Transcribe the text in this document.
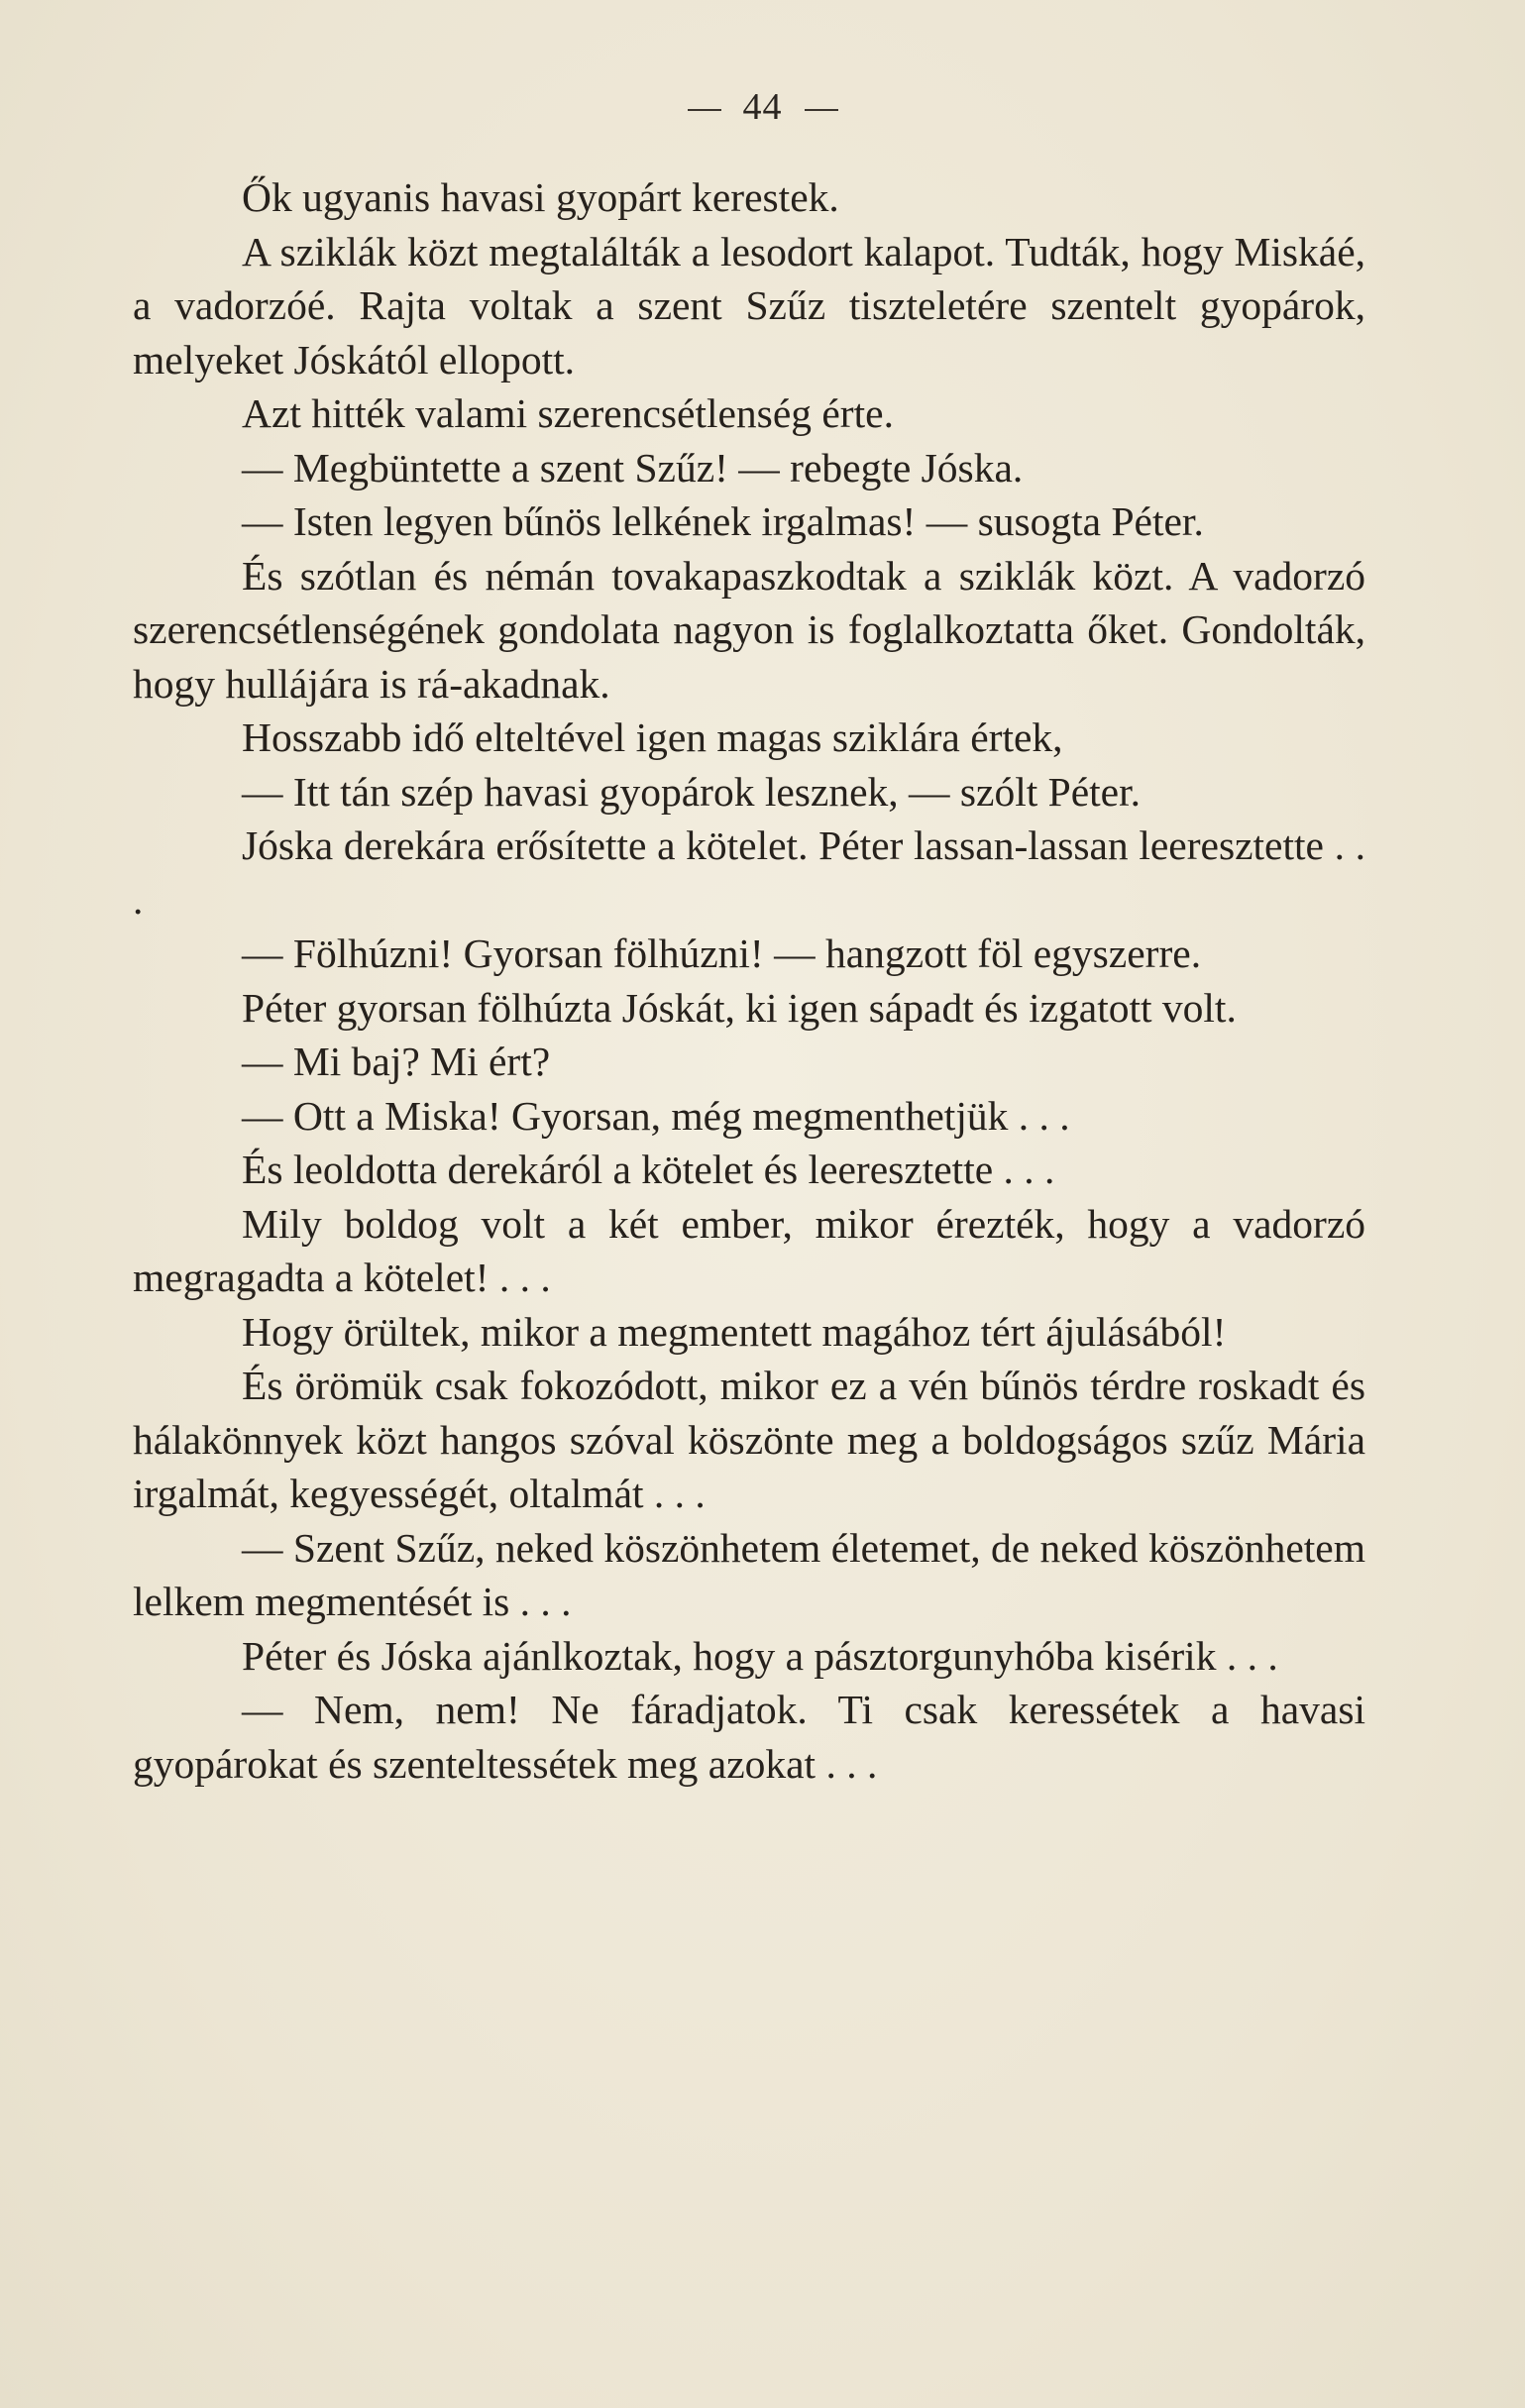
44

Ők ugyanis havasi gyopárt kerestek.

A sziklák közt megtalálták a lesodort kalapot. Tudták, hogy Miskáé, a vadorzóé. Rajta voltak a szent Szűz tiszteletére szentelt gyopárok, melyeket Jóskától ellopott.

Azt hitték valami szerencsétlenség érte.

— Megbüntette a szent Szűz! — rebegte Jóska.

— Isten legyen bűnös lelkének irgalmas! — susogta Péter.

És szótlan és némán tovakapaszkodtak a sziklák közt. A vadorzó szerencsétlenségének gondolata nagyon is foglalkoztatta őket. Gondolták, hogy hullájára is rá-akadnak.

Hosszabb idő elteltével igen magas sziklára értek,

— Itt tán szép havasi gyopárok lesznek, — szólt Péter.

Jóska derekára erősítette a kötelet. Péter lassan-lassan leeresztette . . .

— Fölhúzni! Gyorsan fölhúzni! — hangzott föl egyszerre.

Péter gyorsan fölhúzta Jóskát, ki igen sápadt és izgatott volt.

— Mi baj? Mi ért?

— Ott a Miska! Gyorsan, még megmenthetjük . . .

És leoldotta derekáról a kötelet és leeresztette . . .

Mily boldog volt a két ember, mikor érezték, hogy a vadorzó megragadta a kötelet! . . .

Hogy örültek, mikor a megmentett magához tért ájulásából!

És örömük csak fokozódott, mikor ez a vén bűnös térdre roskadt és hálakönnyek közt hangos szóval köszönte meg a boldogságos szűz Mária irgalmát, kegyességét, oltalmát . . .

— Szent Szűz, neked köszönhetem életemet, de neked köszönhetem lelkem megmentését is . . .

Péter és Jóska ajánlkoztak, hogy a pásztorgunyhóba kisérik . . .

— Nem, nem! Ne fáradjatok. Ti csak keressétek a havasi gyopárokat és szenteltessétek meg azokat . . .
